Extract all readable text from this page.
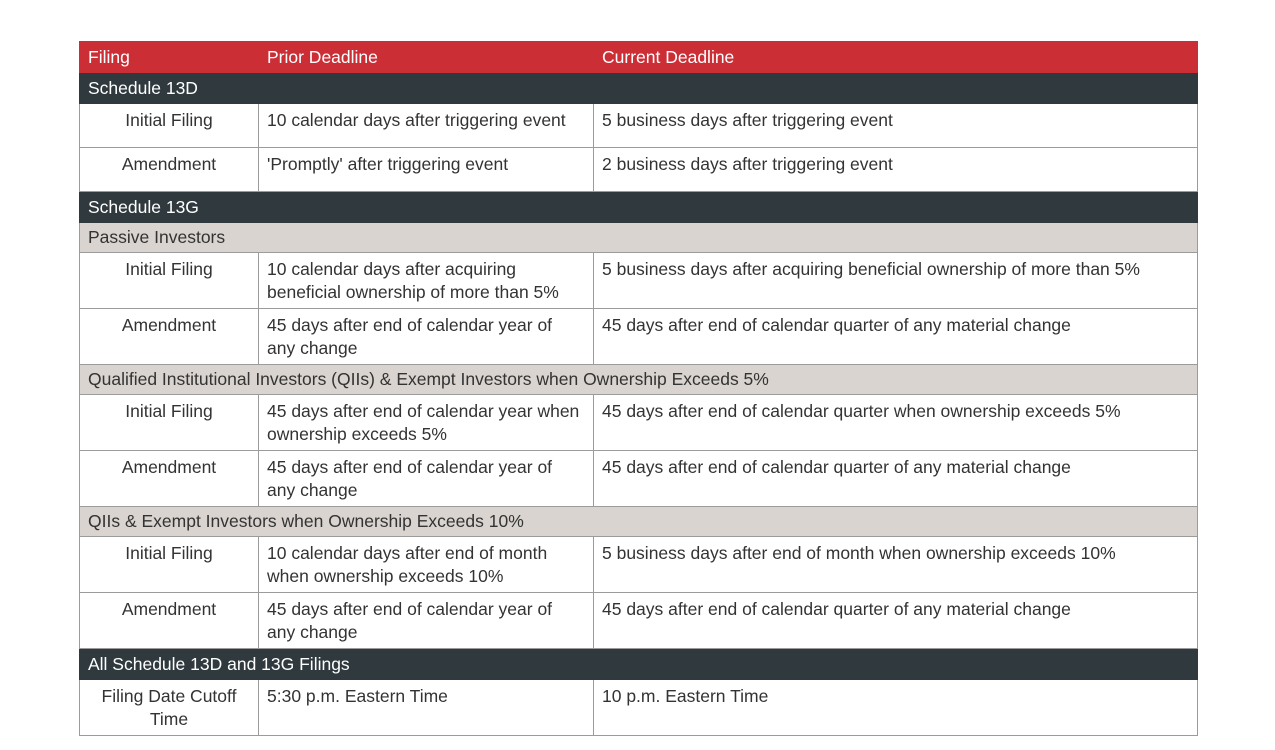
Filing	Prior Deadline	Current Deadline
Schedule 13D		
Initial Filing	10 calendar days after triggering event	5 business days after triggering event
Amendment	'Promptly' after triggering event	2 business days after triggering event
Schedule 13G		
Passive Investors		
Initial Filing	10 calendar days after acquiring beneficial ownership of more than 5%	5 business days after acquiring beneficial ownership of more than 5%
Amendment	45 days after end of calendar year of any change	45 days after end of calendar quarter of any material change
Qualified Institutional Investors (QIIs) & Exempt Investors when Ownership Exceeds 5%		
Initial Filing	45 days after end of calendar year when ownership exceeds 5%	45 days after end of calendar quarter when ownership exceeds 5%
Amendment	45 days after end of calendar year of any change	45 days after end of calendar quarter of any material change
QIIs & Exempt Investors when Ownership Exceeds 10%		
Initial Filing	10 calendar days after end of month when ownership exceeds 10%	5 business days after end of month when ownership exceeds 10%
Amendment	45 days after end of calendar year of any change	45 days after end of calendar quarter of any material change
All Schedule 13D and 13G Filings		
Filing Date Cutoff Time	5:30 p.m. Eastern Time	10 p.m. Eastern Time
